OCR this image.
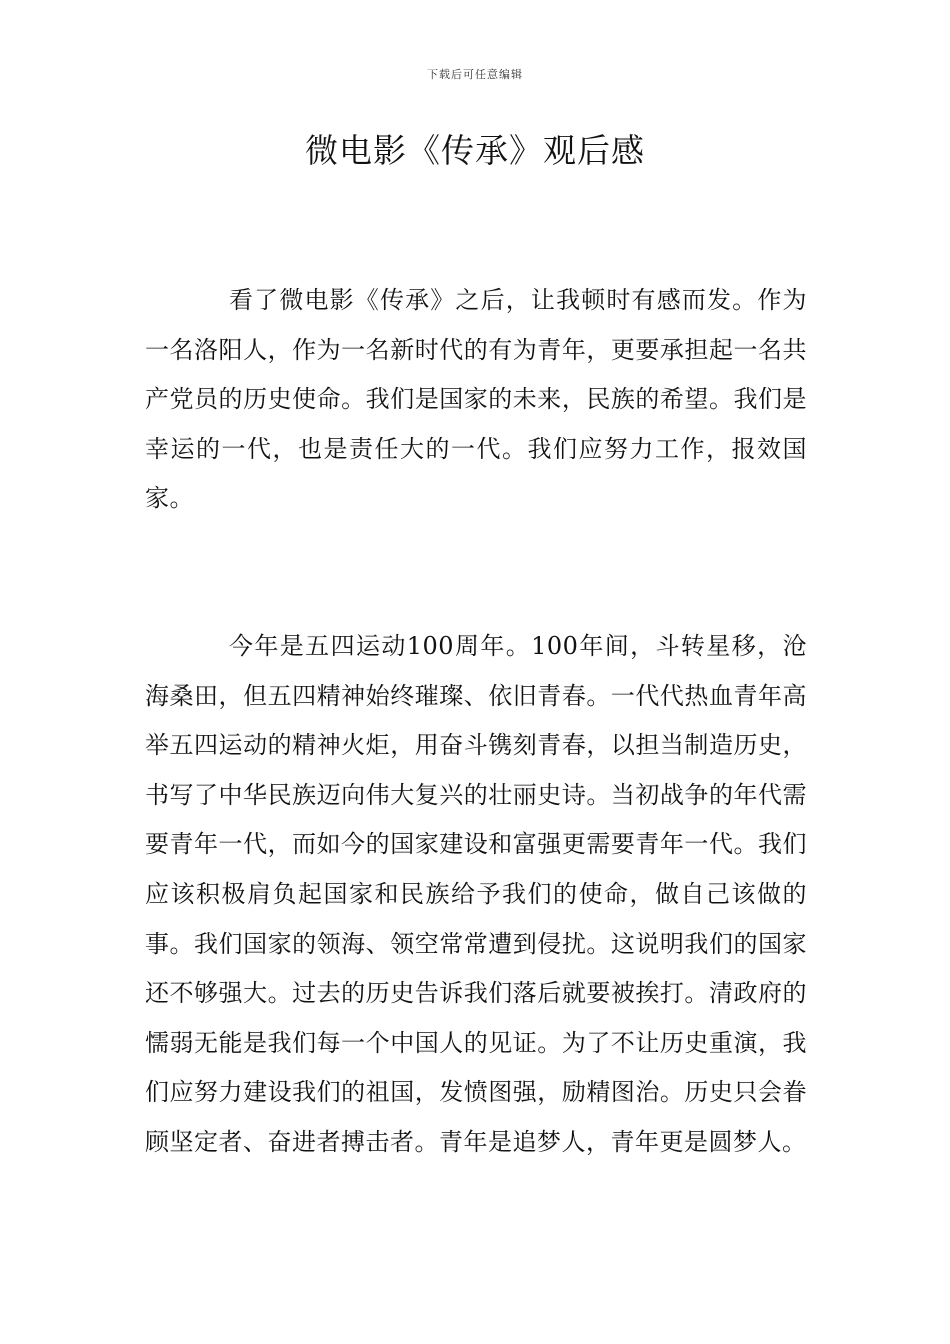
下载后可任意编辑
微电影《传承》观后感

看了微电影《传承》之后，让我顿时有感而发。作为一名洛阳人，作为一名新时代的有为青年，更要承担起一名共产党员的历史使命。我们是国家的未来，民族的希望。我们是幸运的一代，也是责任大的一代。我们应努力工作，报效国家。

今年是五四运动100周年。100年间，斗转星移，沧海桑田，但五四精神始终璀璨、依旧青春。一代代热血青年高举五四运动的精神火炬，用奋斗镌刻青春，以担当制造历史，书写了中华民族迈向伟大复兴的壮丽史诗。当初战争的年代需要青年一代，而如今的国家建设和富强更需要青年一代。我们应该积极肩负起国家和民族给予我们的使命，做自己该做的事。我们国家的领海、领空常常遭到侵扰。这说明我们的国家还不够强大。过去的历史告诉我们落后就要被挨打。清政府的懦弱无能是我们每一个中国人的见证。为了不让历史重演，我们应努力建设我们的祖国，发愤图强，励精图治。历史只会眷顾坚定者、奋进者搏击者。青年是追梦人，青年更是圆梦人。
